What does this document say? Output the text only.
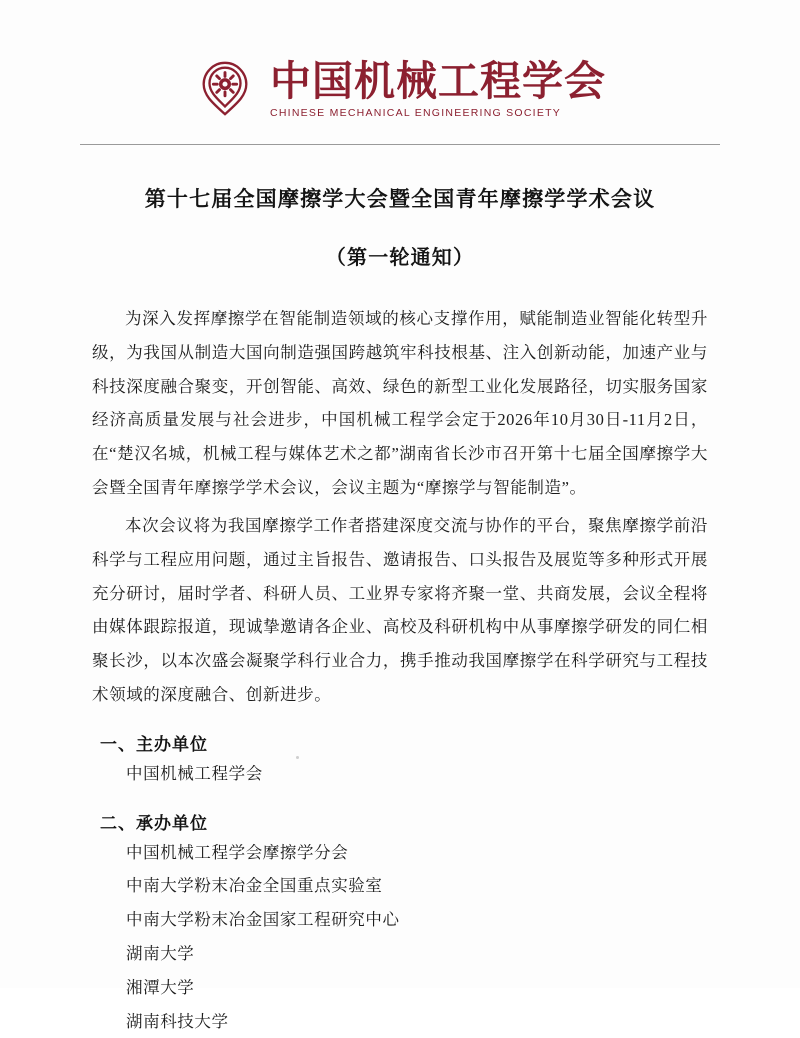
中国机械工程学会
CHINESE MECHANICAL ENGINEERING SOCIETY
第十七届全国摩擦学大会暨全国青年摩擦学学术会议
（第一轮通知）

为深入发挥摩擦学在智能制造领域的核心支撑作用，赋能制造业智能化转型升级，为我国从制造大国向制造强国跨越筑牢科技根基、注入创新动能，加速产业与科技深度融合聚变，开创智能、高效、绿色的新型工业化发展路径，切实服务国家经济高质量发展与社会进步，中国机械工程学会定于2026年10月30日-11月2日，在“楚汉名城，机械工程与媒体艺术之都”湖南省长沙市召开第十七届全国摩擦学大会暨全国青年摩擦学学术会议，会议主题为“摩擦学与智能制造”。

本次会议将为我国摩擦学工作者搭建深度交流与协作的平台，聚焦摩擦学前沿科学与工程应用问题，通过主旨报告、邀请报告、口头报告及展览等多种形式开展充分研讨，届时学者、科研人员、工业界专家将齐聚一堂、共商发展，会议全程将由媒体跟踪报道，现诚挚邀请各企业、高校及科研机构中从事摩擦学研发的同仁相聚长沙，以本次盛会凝聚学科行业合力，携手推动我国摩擦学在科学研究与工程技术领域的深度融合、创新进步。

一、主办单位
中国机械工程学会
二、承办单位
中国机械工程学会摩擦学分会
中南大学粉末冶金全国重点实验室
中南大学粉末冶金国家工程研究中心
湖南大学
湘潭大学
湖南科技大学
